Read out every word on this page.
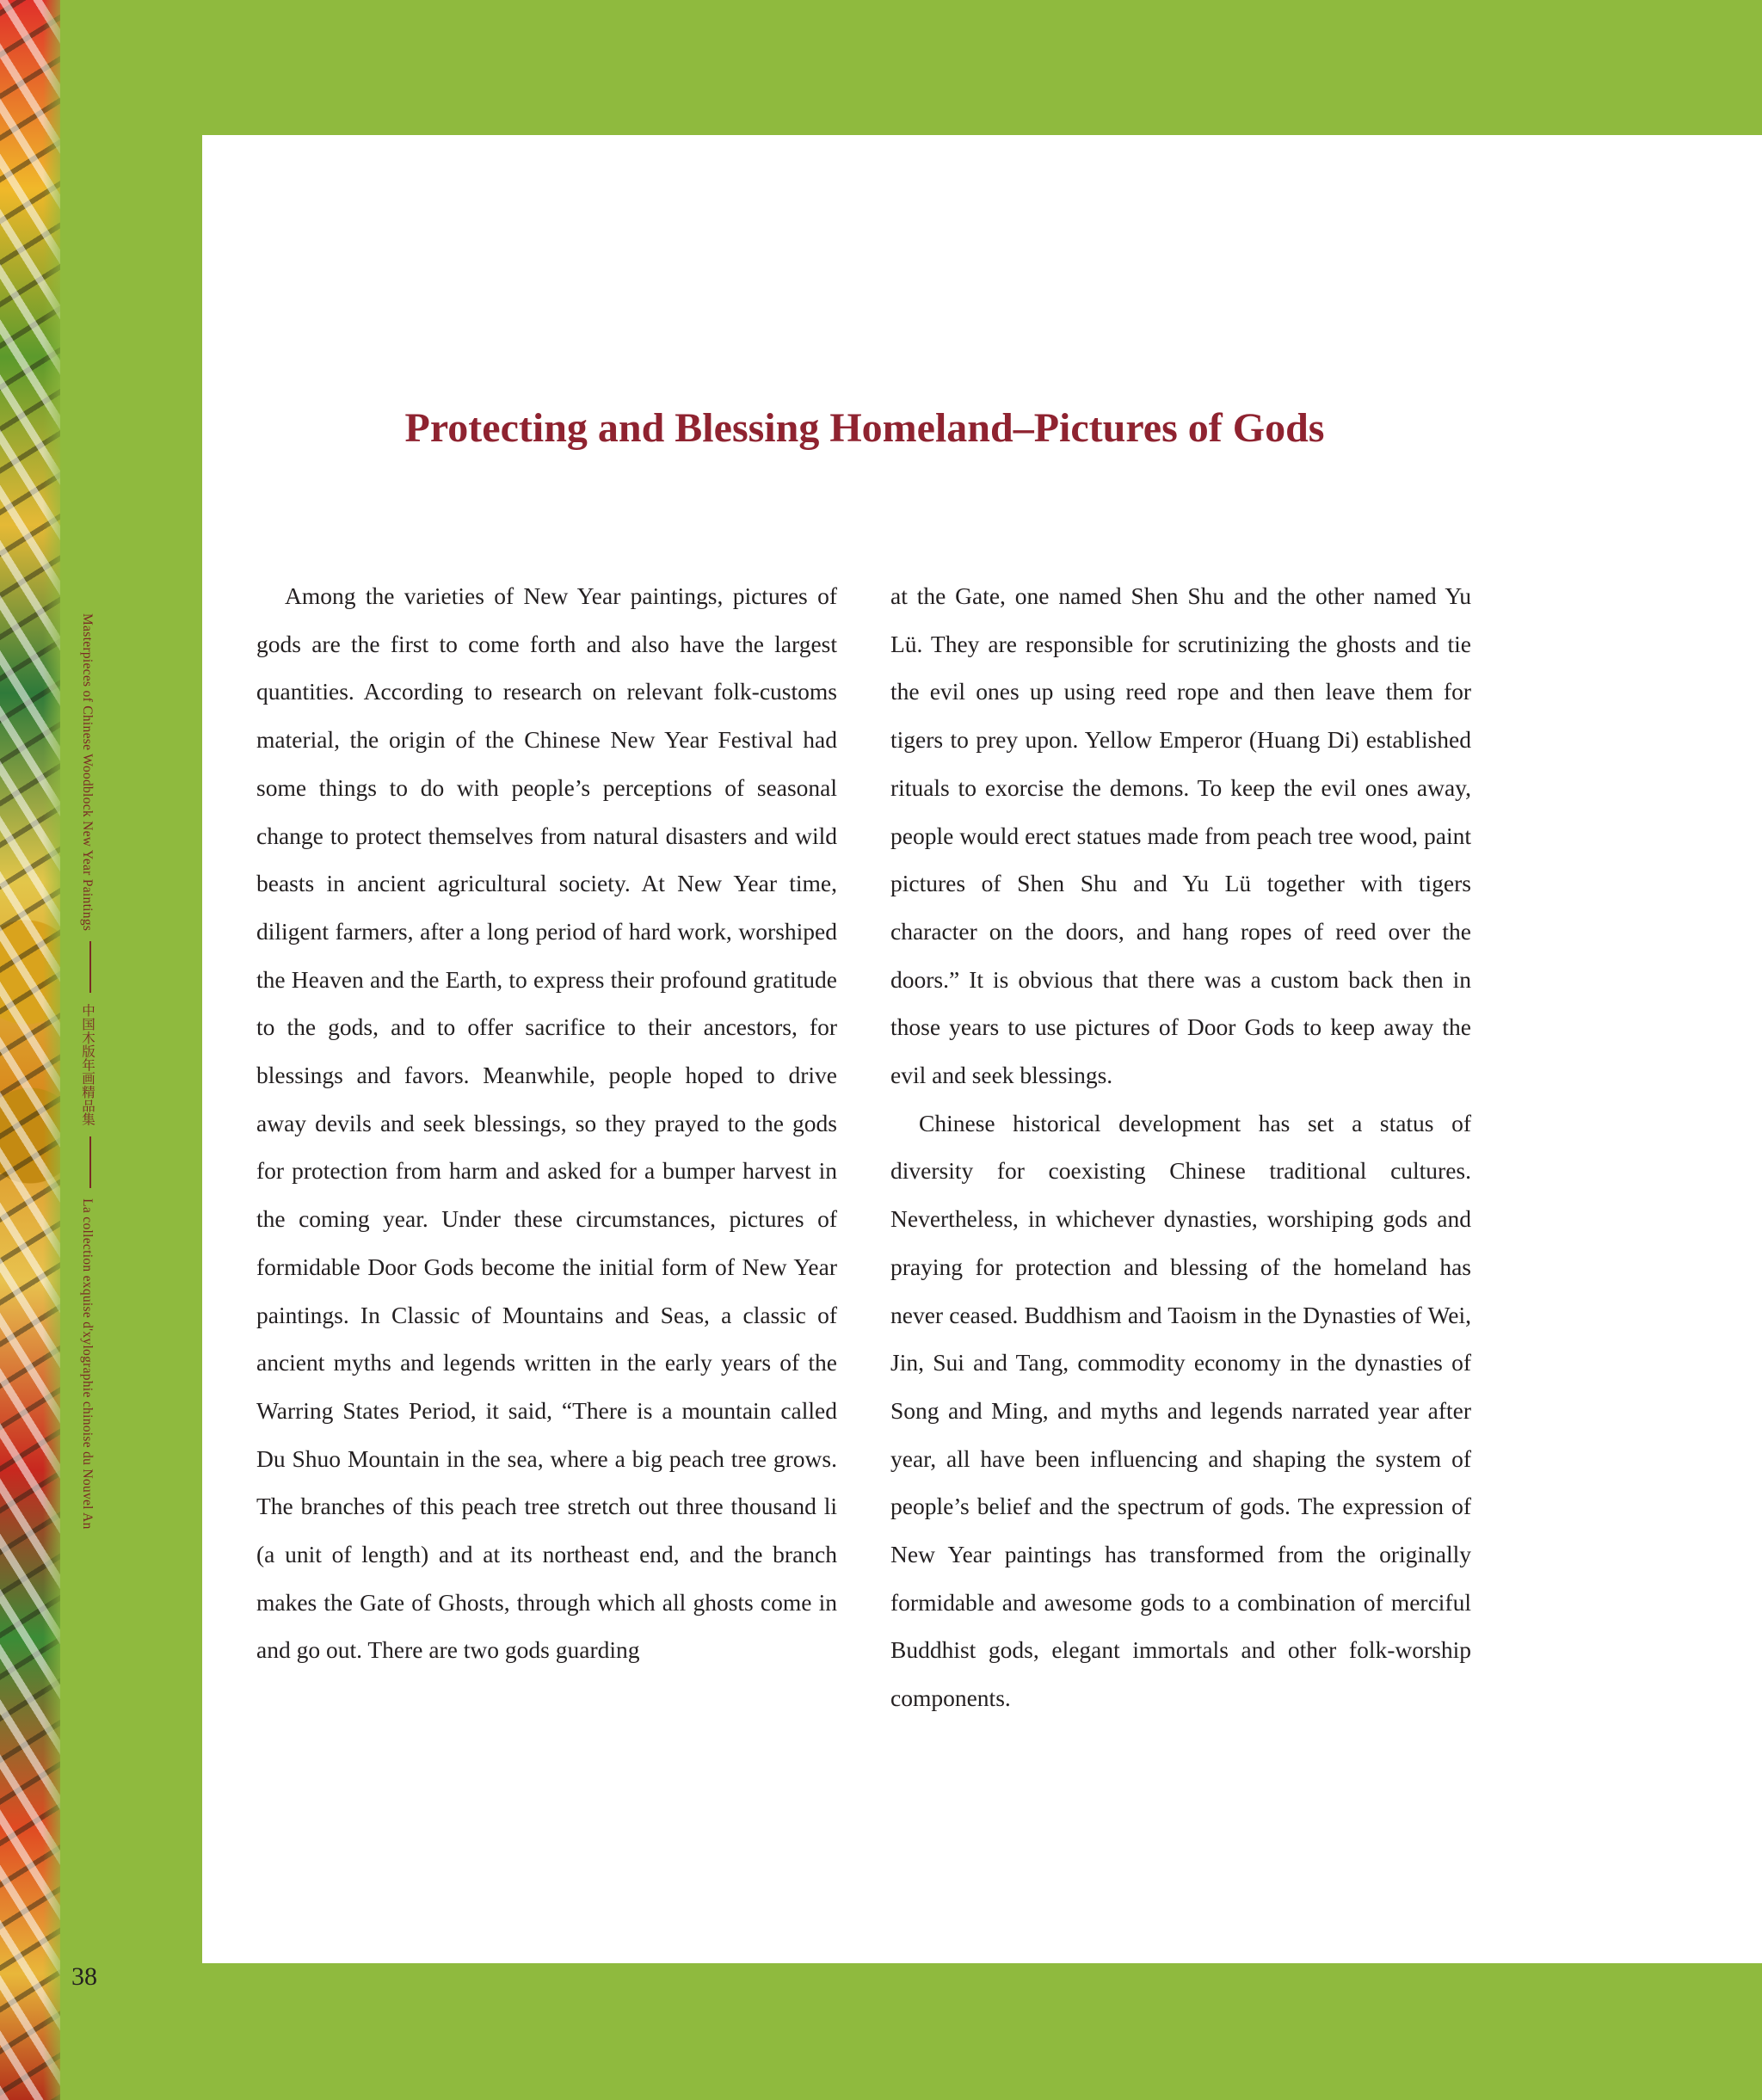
Masterpieces of Chinese Woodblock New Year Paintings  中国木版年画精品集  La collection exquise d'xylographie chinoise du Nouvel An
Protecting and Blessing Homeland–Pictures of Gods

Among the varieties of New Year paintings, pictures of gods are the first to come forth and also have the largest quantities. According to research on relevant folk-customs material, the origin of the Chinese New Year Festival had some things to do with people’s perceptions of seasonal change to protect themselves from natural disasters and wild beasts in ancient agricultural society. At New Year time, diligent farmers, after a long period of hard work, worshiped the Heaven and the Earth, to express their profound gratitude to the gods, and to offer sacrifice to their ancestors, for blessings and favors. Meanwhile, people hoped to drive away devils and seek blessings, so they prayed to the gods for protection from harm and asked for a bumper harvest in the coming year. Under these circumstances, pictures of formidable Door Gods become the initial form of New Year paintings. In Classic of Mountains and Seas, a classic of ancient myths and legends written in the early years of the Warring States Period, it said, “There is a mountain called Du Shuo Mountain in the sea, where a big peach tree grows. The branches of this peach tree stretch out three thousand li (a unit of length) and at its northeast end, and the branch makes the Gate of Ghosts, through which all ghosts come in and go out. There are two gods guarding

at the Gate, one named Shen Shu and the other named Yu Lü. They are responsible for scrutinizing the ghosts and tie the evil ones up using reed rope and then leave them for tigers to prey upon. Yellow Emperor (Huang Di) established rituals to exorcise the demons. To keep the evil ones away, people would erect statues made from peach tree wood, paint pictures of Shen Shu and Yu Lü together with tigers character on the doors, and hang ropes of reed over the doors.” It is obvious that there was a custom back then in those years to use pictures of Door Gods to keep away the evil and seek blessings.

Chinese historical development has set a status of diversity for coexisting Chinese traditional cultures. Nevertheless, in whichever dynasties, worshiping gods and praying for protection and blessing of the homeland has never ceased. Buddhism and Taoism in the Dynasties of Wei, Jin, Sui and Tang, commodity economy in the dynasties of Song and Ming, and myths and legends narrated year after year, all have been influencing and shaping the system of people’s belief and the spectrum of gods. The expression of New Year paintings has transformed from the originally formidable and awesome gods to a combination of merciful Buddhist gods, elegant immortals and other folk-worship components.

38
